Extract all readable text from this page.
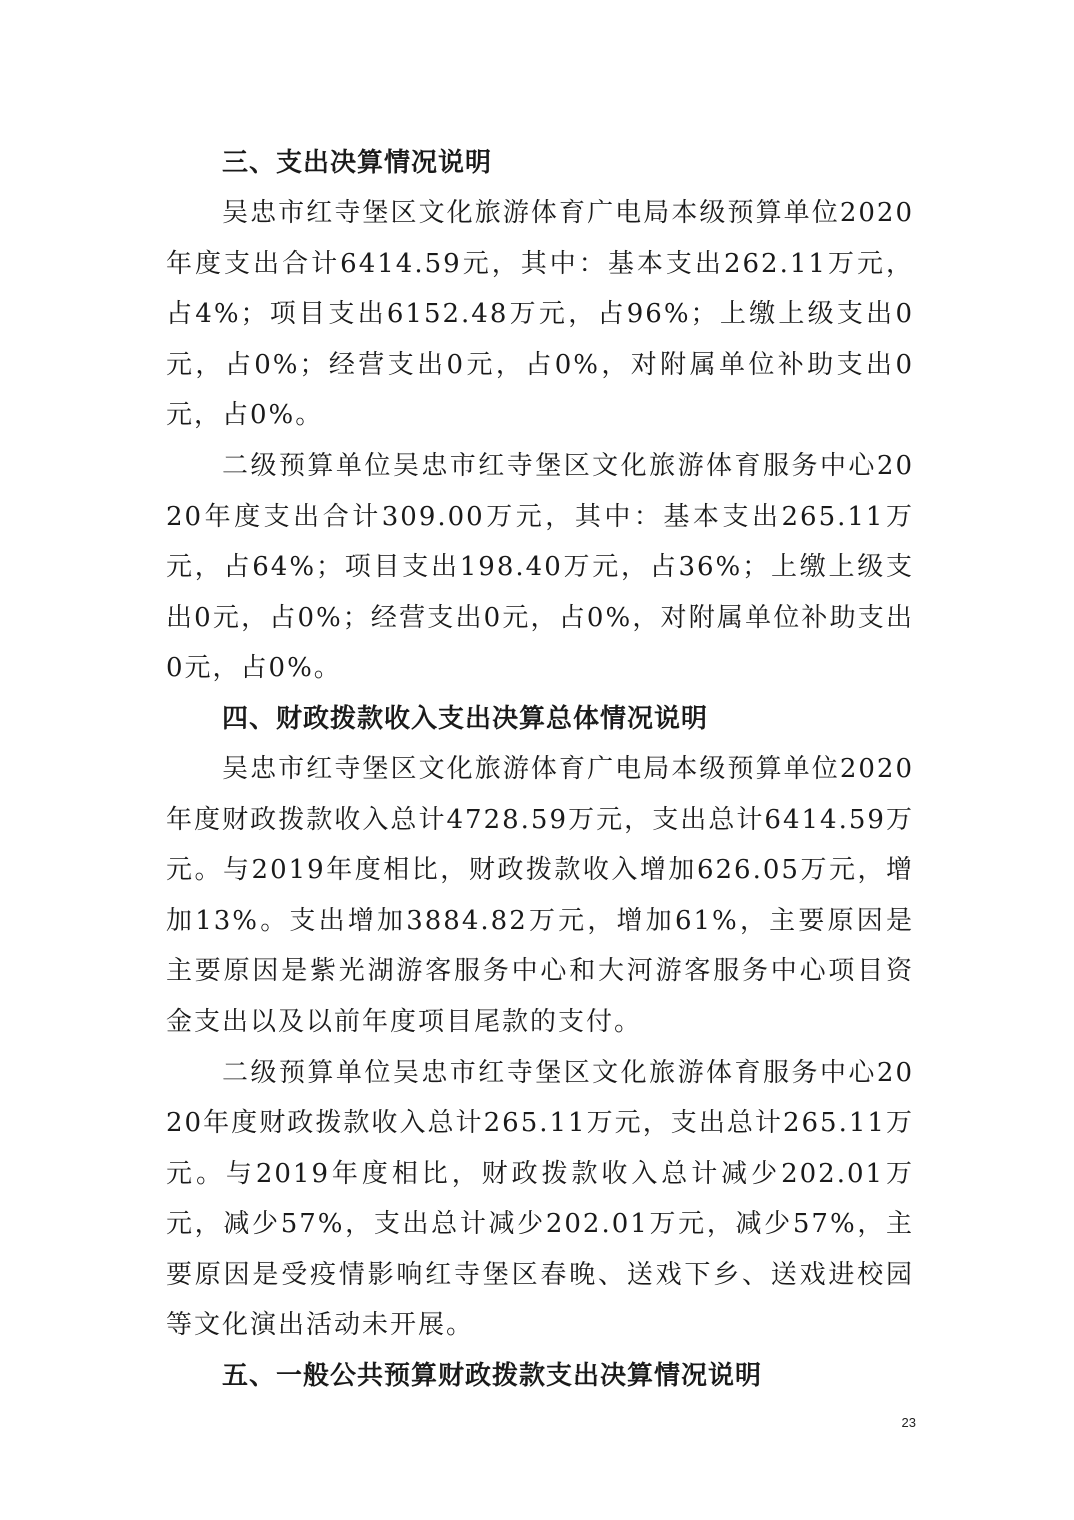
三、支出决算情况说明

吴忠市红寺堡区文化旅游体育广电局本级预算单位2020年度支出合计6414.59元，其中：基本支出262.11万元，占4%；项目支出6152.48万元，占96%；上缴上级支出0元，占0%；经营支出0元，占0%，对附属单位补助支出0元，占0%。

二级预算单位吴忠市红寺堡区文化旅游体育服务中心2020年度支出合计309.00万元，其中：基本支出265.11万元，占64%；项目支出198.40万元，占36%；上缴上级支出0元，占0%；经营支出0元，占0%，对附属单位补助支出0元，占0%。

四、财政拨款收入支出决算总体情况说明

吴忠市红寺堡区文化旅游体育广电局本级预算单位2020年度财政拨款收入总计4728.59万元，支出总计6414.59万元。与2019年度相比，财政拨款收入增加626.05万元，增加13%。支出增加3884.82万元，增加61%，主要原因是主要原因是紫光湖游客服务中心和大河游客服务中心项目资金支出以及以前年度项目尾款的支付。

二级预算单位吴忠市红寺堡区文化旅游体育服务中心2020年度财政拨款收入总计265.11万元，支出总计265.11万元。与2019年度相比，财政拨款收入总计减少202.01万元，减少57%，支出总计减少202.01万元，减少57%，主要原因是受疫情影响红寺堡区春晚、送戏下乡、送戏进校园等文化演出活动未开展。

五、一般公共预算财政拨款支出决算情况说明
23
